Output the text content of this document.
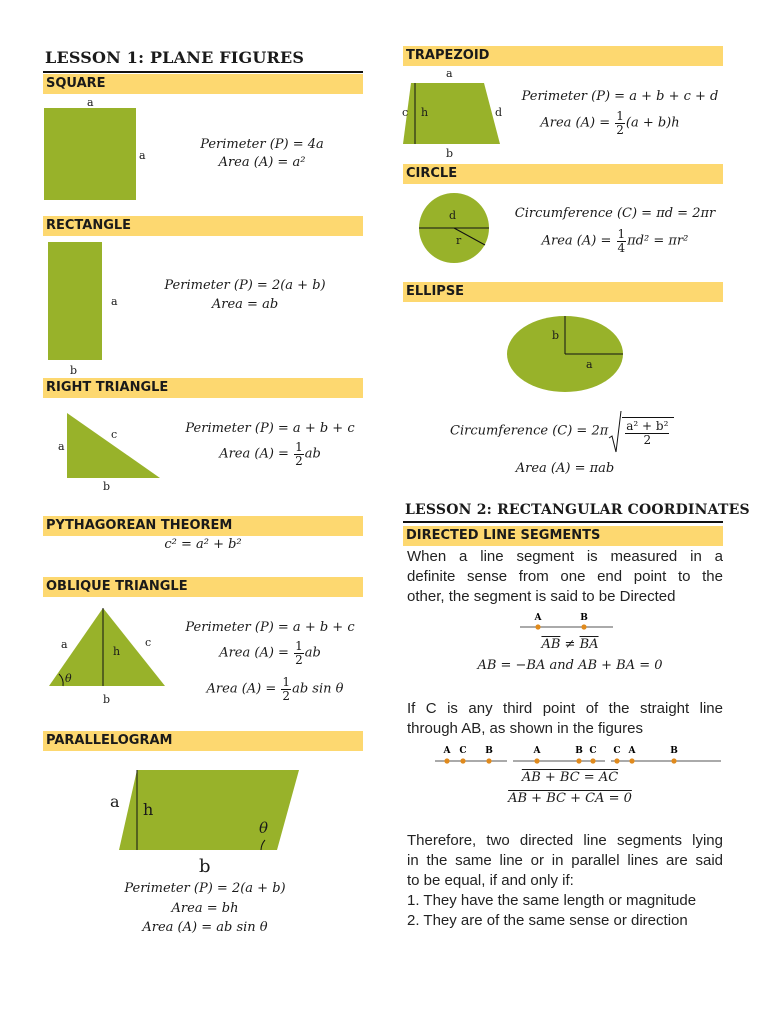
LESSON 1: PLANE FIGURES
SQUARE
a
a
Perimeter (P) = 4a
Area (A) = a²
RECTANGLE
a
b
Perimeter (P) = 2(a + b)
Area = ab
RIGHT TRIANGLE
a
c
b
Perimeter (P) = a + b + c
Area $(A) = \frac{1}{2}$ ab
PYTHAGOREAN THEOREM
c² = a² + b²
OBLIQUE TRIANGLE
a
h
c
θ
b
Perimeter (P) = a + b + c
Area $(A) = \frac{1}{2}$ ab
Area $(A) = \frac{1}{2}$ ab sin θ
PARALLELOGRAM
a h
θ
b
Perimeter (P) = 2(a + b)
Area = bh
Area (A) = ab sin θ
TRAPEZOID
a
c h	d
b
Perimeter (P) = a + b + c + d
Area $(A) = \frac{1}{2} (a + b)h$
CIRCLE
d
r
Circumference (C) = πd = 2πr
Area $(A) = \frac{1}{4} \pi d^2 = \pi r^2$
ELLIPSE
b
a
Circumference $(C) = 2\pi \frac{\text{a² + b²}}{2}$
Area (A) = πab
LESSON 2: RECTANGULAR COORDINATES
DIRECTED LINE SEGMENTS
When a line segment is measured in a
definite sense from one end point to the
other, the segment is said to be Directed
A	B
$\overline{AB} \ne \overline{BA}$
AB = −BA and AB + BA = 0
If C is any third point of the straight line
through AB, as shown in the figures
A C B	A	B C C A	B
AB + BC = AC
AB + BC + CA = 0
Therefore, two directed line segments lying
in the same line or in parallel lines are said
to be equal, if and only if:
1. They have the same length or magnitude
2. They are of the same sense or direction
